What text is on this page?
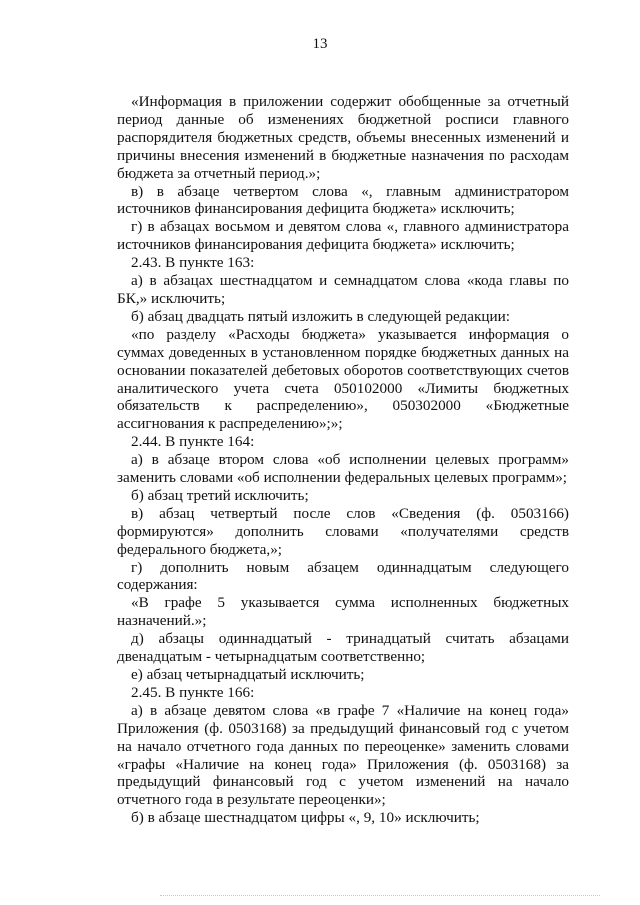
13

«Информация в приложении содержит обобщенные за отчетный период данные об изменениях бюджетной росписи главного распорядителя бюджетных средств, объемы внесенных изменений и причины внесения изменений в бюджетные назначения по расходам бюджета за отчетный период.»;

в) в абзаце четвертом слова «, главным администратором источников финансирования дефицита бюджета» исключить;

г) в абзацах восьмом и девятом слова «, главного администратора источников финансирования дефицита бюджета» исключить;

2.43. В пункте 163:

а) в абзацах шестнадцатом и семнадцатом слова «кода главы по БК,» исключить;

б) абзац двадцать пятый изложить в следующей редакции:

«по разделу «Расходы бюджета» указывается информация о суммах доведенных в установленном порядке бюджетных данных на основании показателей дебетовых оборотов соответствующих счетов аналитического учета счета 050102000 «Лимиты бюджетных обязательств к распределению», 050302000 «Бюджетные ассигнования к распределению»;»;

2.44. В пункте 164:

а) в абзаце втором слова «об исполнении целевых программ» заменить словами «об исполнении федеральных целевых программ»;

б) абзац третий исключить;

в) абзац четвертый после слов «Сведения (ф. 0503166) формируются» дополнить словами «получателями средств федерального бюджета,»;

г) дополнить новым абзацем одиннадцатым следующего содержания:

«В графе 5 указывается сумма исполненных бюджетных назначений.»;

д) абзацы одиннадцатый - тринадцатый считать абзацами двенадцатым - четырнадцатым соответственно;

е) абзац четырнадцатый исключить;

2.45. В пункте 166:

а) в абзаце девятом слова «в графе 7 «Наличие на конец года» Приложения (ф. 0503168) за предыдущий финансовый год с учетом на начало отчетного года данных по переоценке» заменить словами «графы «Наличие на конец года» Приложения (ф. 0503168) за предыдущий финансовый год с учетом изменений на начало отчетного года в результате переоценки»;

б) в абзаце шестнадцатом цифры «, 9, 10» исключить;
